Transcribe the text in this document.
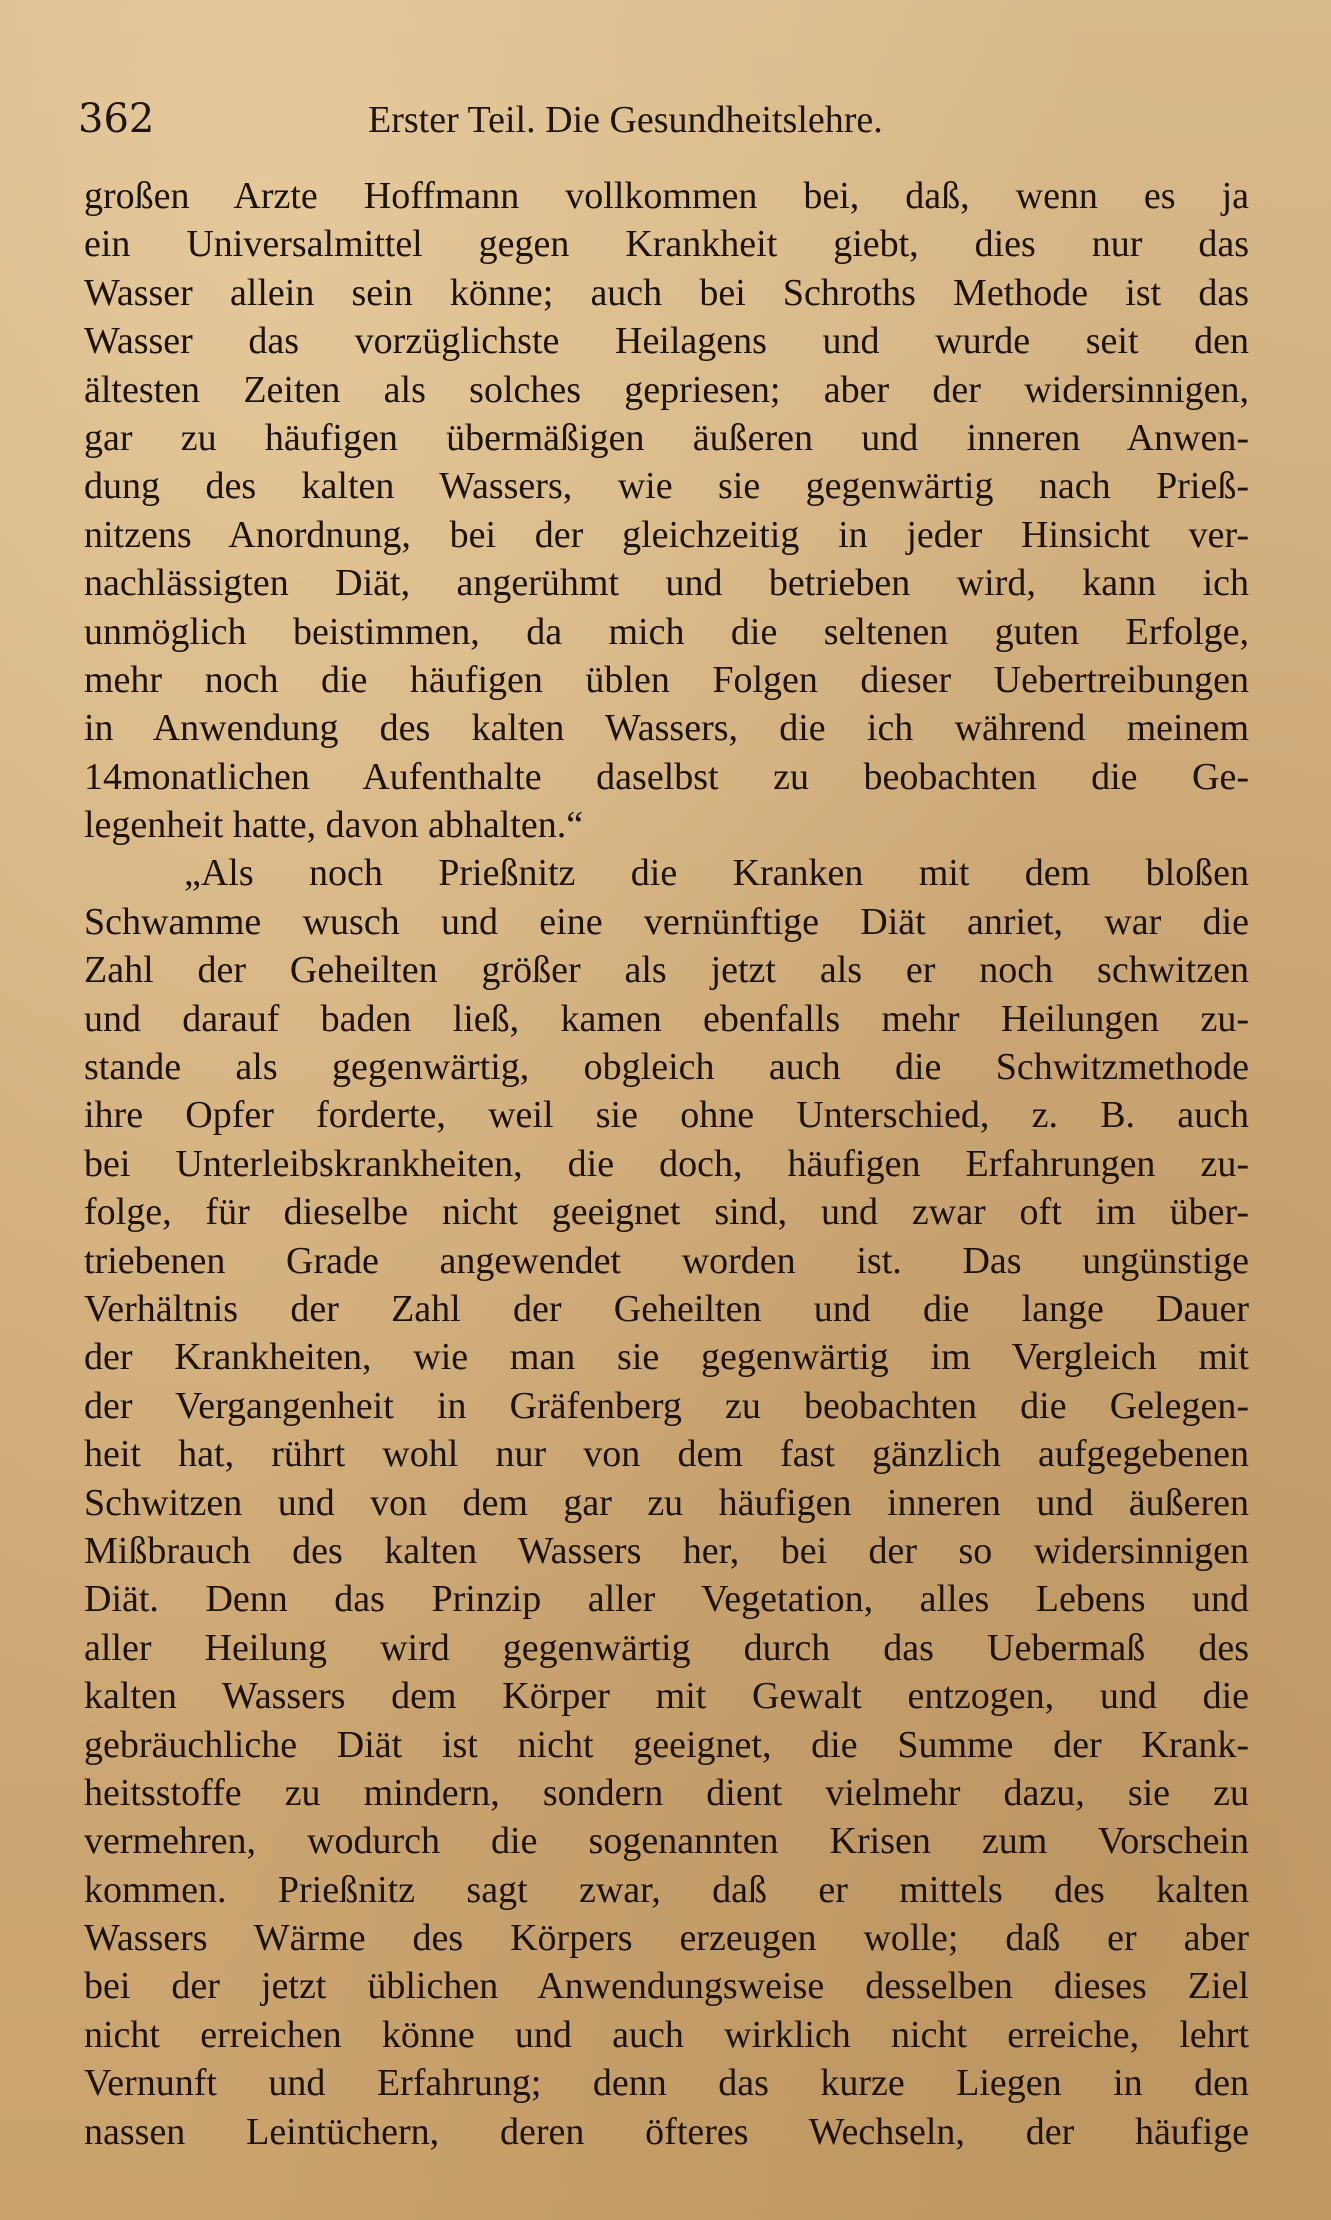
362	Erster Teil. Die Gesundheitslehre.
großen Arzte Hoffmann vollkommen bei, daß, wenn es ja
ein Universalmittel gegen Krankheit giebt, dies nur das
Wasser allein sein könne; auch bei Schroths Methode ist das
Wasser das vorzüglichste Heilagens und wurde seit den
ältesten Zeiten als solches gepriesen; aber der widersinnigen,
gar zu häufigen übermäßigen äußeren und inneren Anwen-
dung des kalten Wassers, wie sie gegenwärtig nach Prieß-
nitzens Anordnung, bei der gleichzeitig in jeder Hinsicht ver-
nachlässigten Diät, angerühmt und betrieben wird, kann ich
unmöglich beistimmen, da mich die seltenen guten Erfolge,
mehr noch die häufigen üblen Folgen dieser Uebertreibungen
in Anwendung des kalten Wassers, die ich während meinem
14monatlichen Aufenthalte daselbst zu beobachten die Ge-
legenheit hatte, davon abhalten.“
„Als noch Prießnitz die Kranken mit dem bloßen
Schwamme wusch und eine vernünftige Diät anriet, war die
Zahl der Geheilten größer als jetzt als er noch schwitzen
und darauf baden ließ, kamen ebenfalls mehr Heilungen zu-
stande als gegenwärtig, obgleich auch die Schwitzmethode
ihre Opfer forderte, weil sie ohne Unterschied, z. B. auch
bei Unterleibskrankheiten, die doch, häufigen Erfahrungen zu-
folge, für dieselbe nicht geeignet sind, und zwar oft im über-
triebenen Grade angewendet worden ist. Das ungünstige
Verhältnis der Zahl der Geheilten und die lange Dauer
der Krankheiten, wie man sie gegenwärtig im Vergleich mit
der Vergangenheit in Gräfenberg zu beobachten die Gelegen-
heit hat, rührt wohl nur von dem fast gänzlich aufgegebenen
Schwitzen und von dem gar zu häufigen inneren und äußeren
Mißbrauch des kalten Wassers her, bei der so widersinnigen
Diät. Denn das Prinzip aller Vegetation, alles Lebens und
aller Heilung wird gegenwärtig durch das Uebermaß des
kalten Wassers dem Körper mit Gewalt entzogen, und die
gebräuchliche Diät ist nicht geeignet, die Summe der Krank-
heitsstoffe zu mindern, sondern dient vielmehr dazu, sie zu
vermehren, wodurch die sogenannten Krisen zum Vorschein
kommen. Prießnitz sagt zwar, daß er mittels des kalten
Wassers Wärme des Körpers erzeugen wolle; daß er aber
bei der jetzt üblichen Anwendungsweise desselben dieses Ziel
nicht erreichen könne und auch wirklich nicht erreiche, lehrt
Vernunft und Erfahrung; denn das kurze Liegen in den
nassen Leintüchern, deren öfteres Wechseln, der häufige
